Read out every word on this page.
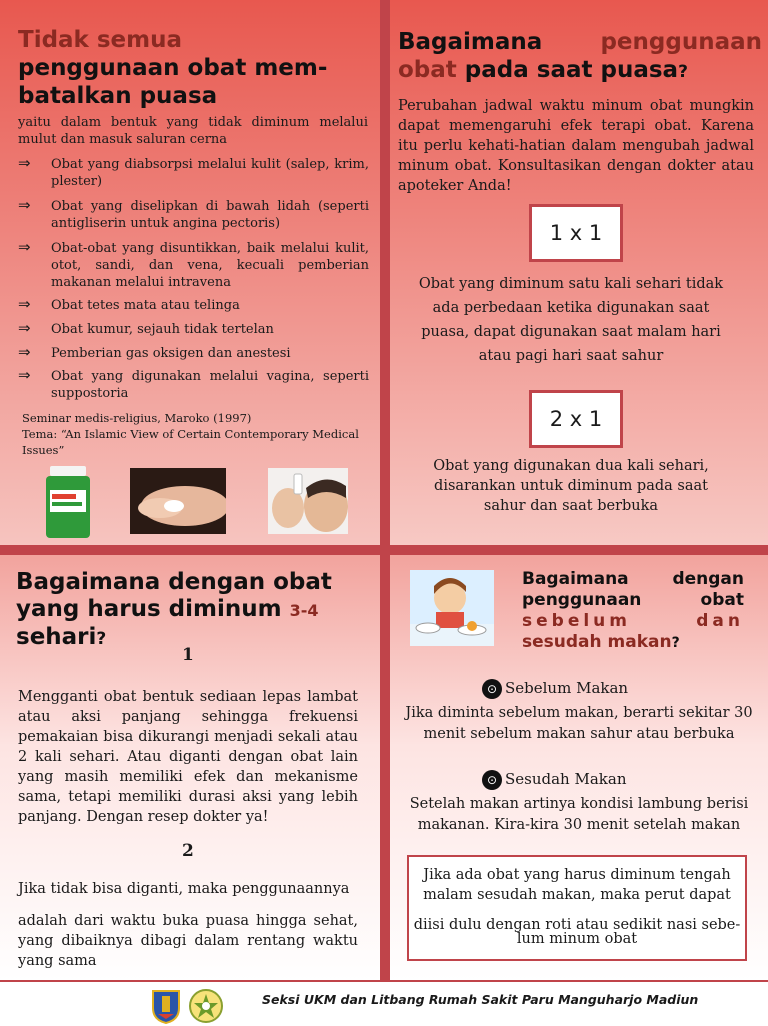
Tidak semua
penggunaan obat mem-
batalkan puasa
yaitu dalam bentuk yang tidak diminum melalui mulut dan masuk saluran cerna
⇒ Obat yang diabsorpsi melalui kulit (salep, krim, plester)
⇒ Obat yang diselipkan di bawah lidah (seperti antigliserin untuk angina pectoris)
⇒ Obat-obat yang disuntikkan, baik melalui kulit, otot, sandi, dan vena, kecuali pemberian makanan melalui intravena
⇒ Obat tetes mata atau telinga
⇒ Obat kumur, sejauh tidak tertelan
⇒ Pemberian gas oksigen dan anestesi
⇒ Obat yang digunakan melalui vagina, seperti suppostoria
Seminar medis-religius, Maroko (1997)
Tema: “An Islamic View of Certain Contemporary Medical Issues”
Bagaimana	penggunaan
obat pada saat puasa?
Perubahan jadwal waktu minum obat mungkin dapat memengaruhi efek terapi obat. Karena itu perlu kehati-hatian dalam mengubah jadwal minum obat. Konsultasikan dengan dokter atau apoteker Anda!
1 x 1
Obat yang diminum satu kali sehari tidak ada perbedaan ketika digunakan saat puasa, dapat digunakan saat malam hari atau pagi hari saat sahur
2 x 1
Obat yang digunakan dua kali sehari, disarankan untuk diminum pada saat sahur dan saat berbuka
Bagaimana dengan obat
yang harus diminum 3-4
sehari?
1
Mengganti obat bentuk sediaan lepas lambat atau aksi panjang sehingga frekuensi pemakaian bisa dikurangi menjadi sekali atau 2 kali sehari. Atau diganti dengan obat lain yang masih memiliki efek dan mekanisme sama, tetapi memiliki durasi aksi yang lebih panjang. Dengan resep dokter ya!
2
Jika tidak bisa diganti, maka penggunaannya
adalah dari waktu buka puasa hingga sehat, yang dibaiknya dibagi dalam rentang waktu yang sama
Bagaimana dengan
penggunaan obat
sebelum dan
sesudah makan?
⊙ Sebelum Makan
Jika diminta sebelum makan, berarti sekitar 30 menit sebelum makan sahur atau berbuka
⊙ Sesudah Makan
Setelah makan artinya kondisi lambung berisi makanan. Kira-kira 30 menit setelah makan
Jika ada obat yang harus diminum tengah
malam sesudah makan, maka perut dapat
diisi dulu dengan roti atau sedikit nasi sebe-
lum minum obat
Seksi UKM dan Litbang Rumah Sakit Paru Manguharjo Madiun
